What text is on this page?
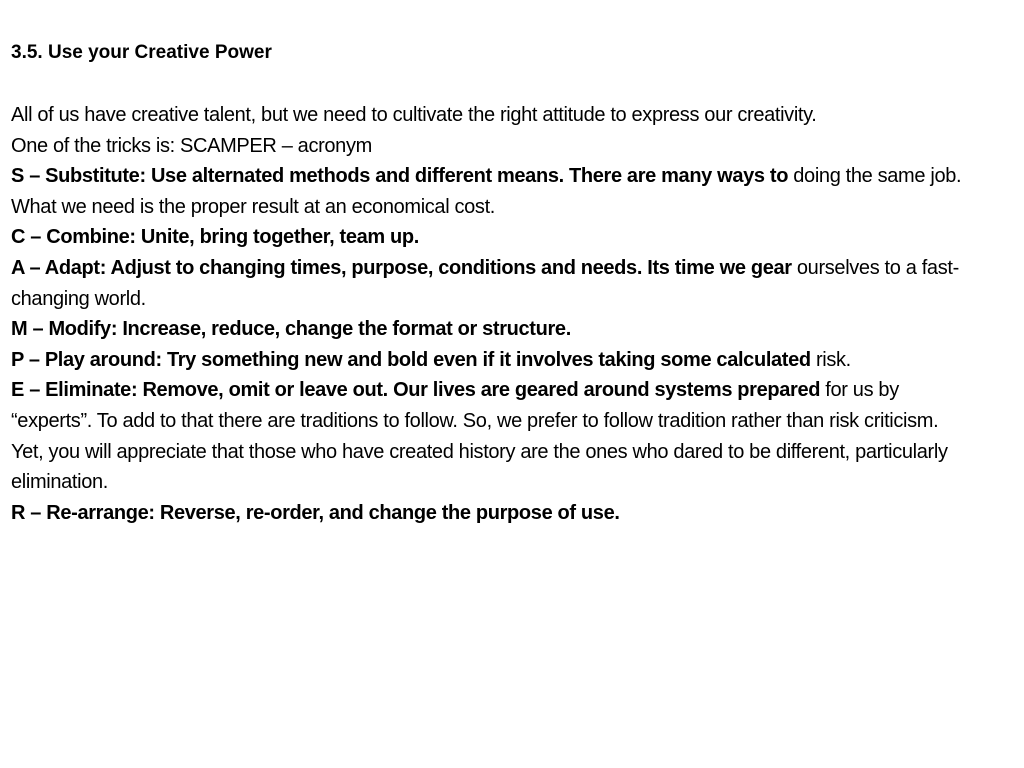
3.5. Use your Creative Power

All of us have creative talent, but we need to cultivate the right attitude to express our creativity.

One of the tricks is: SCAMPER – acronym

S – Substitute: Use alternated methods and different means. There are many ways to doing the same job. What we need is the proper result at an economical cost.

C – Combine: Unite, bring together, team up.

A – Adapt: Adjust to changing times, purpose, conditions and needs. Its time we gear ourselves to a fast-changing world.

M – Modify: Increase, reduce, change the format or structure.

P – Play around: Try something new and bold even if it involves taking some calculated risk.

E – Eliminate: Remove, omit or leave out. Our lives are geared around systems prepared for us by “experts”. To add to that there are traditions to follow. So, we prefer to follow tradition rather than risk criticism. Yet, you will appreciate that those who have created history are the ones who dared to be different, particularly elimination.

R – Re-arrange: Reverse, re-order, and change the purpose of use.
